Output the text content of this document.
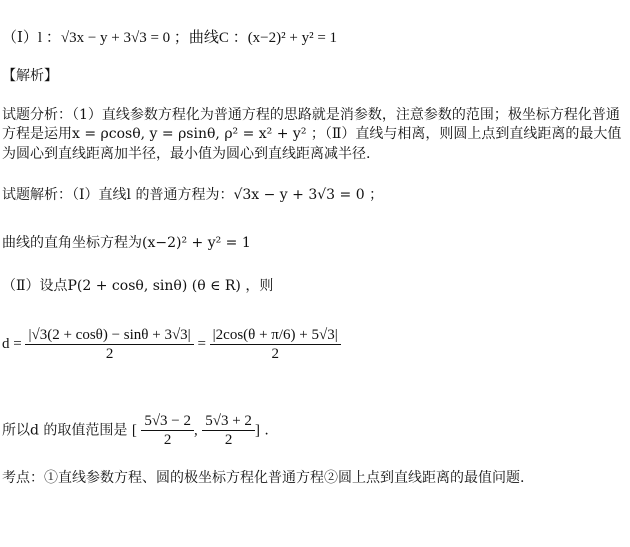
（Ⅰ）l ：√3x − y + 3√3 = 0 ；曲线C ：(x−2)² + y² = 1
【解析】
试题分析：（1）直线参数方程化为普通方程的思路就是消参数，注意参数的范围；极坐标方程化普通
方程是运用x = ρcosθ, y = ρsinθ, ρ² = x² + y² ；（Ⅱ）直线与相离，则圆上点到直线距离的最大值
为圆心到直线距离加半径，最小值为圆心到直线距离减半径.
试题解析：（Ⅰ）直线l 的普通方程为：√3x − y + 3√3 = 0 ；
曲线的直角坐标方程为(x−2)² + y² = 1
（Ⅱ）设点P(2 + cosθ, sinθ) (θ ∈ R) ，则
$d = \frac{|√3(2 + \cos\theta) - \sin\theta + 3√3|}{2} = \frac{|2\cos(\theta + \pi/6) + 5√3|}{2}$
所以d 的取值范围是 [ $\frac{5√3 - 2}{2}$ , $\frac{5√3 + 2}{2}$ ] .
考点：①直线参数方程、圆的极坐标方程化普通方程②圆上点到直线距离的最值问题.
